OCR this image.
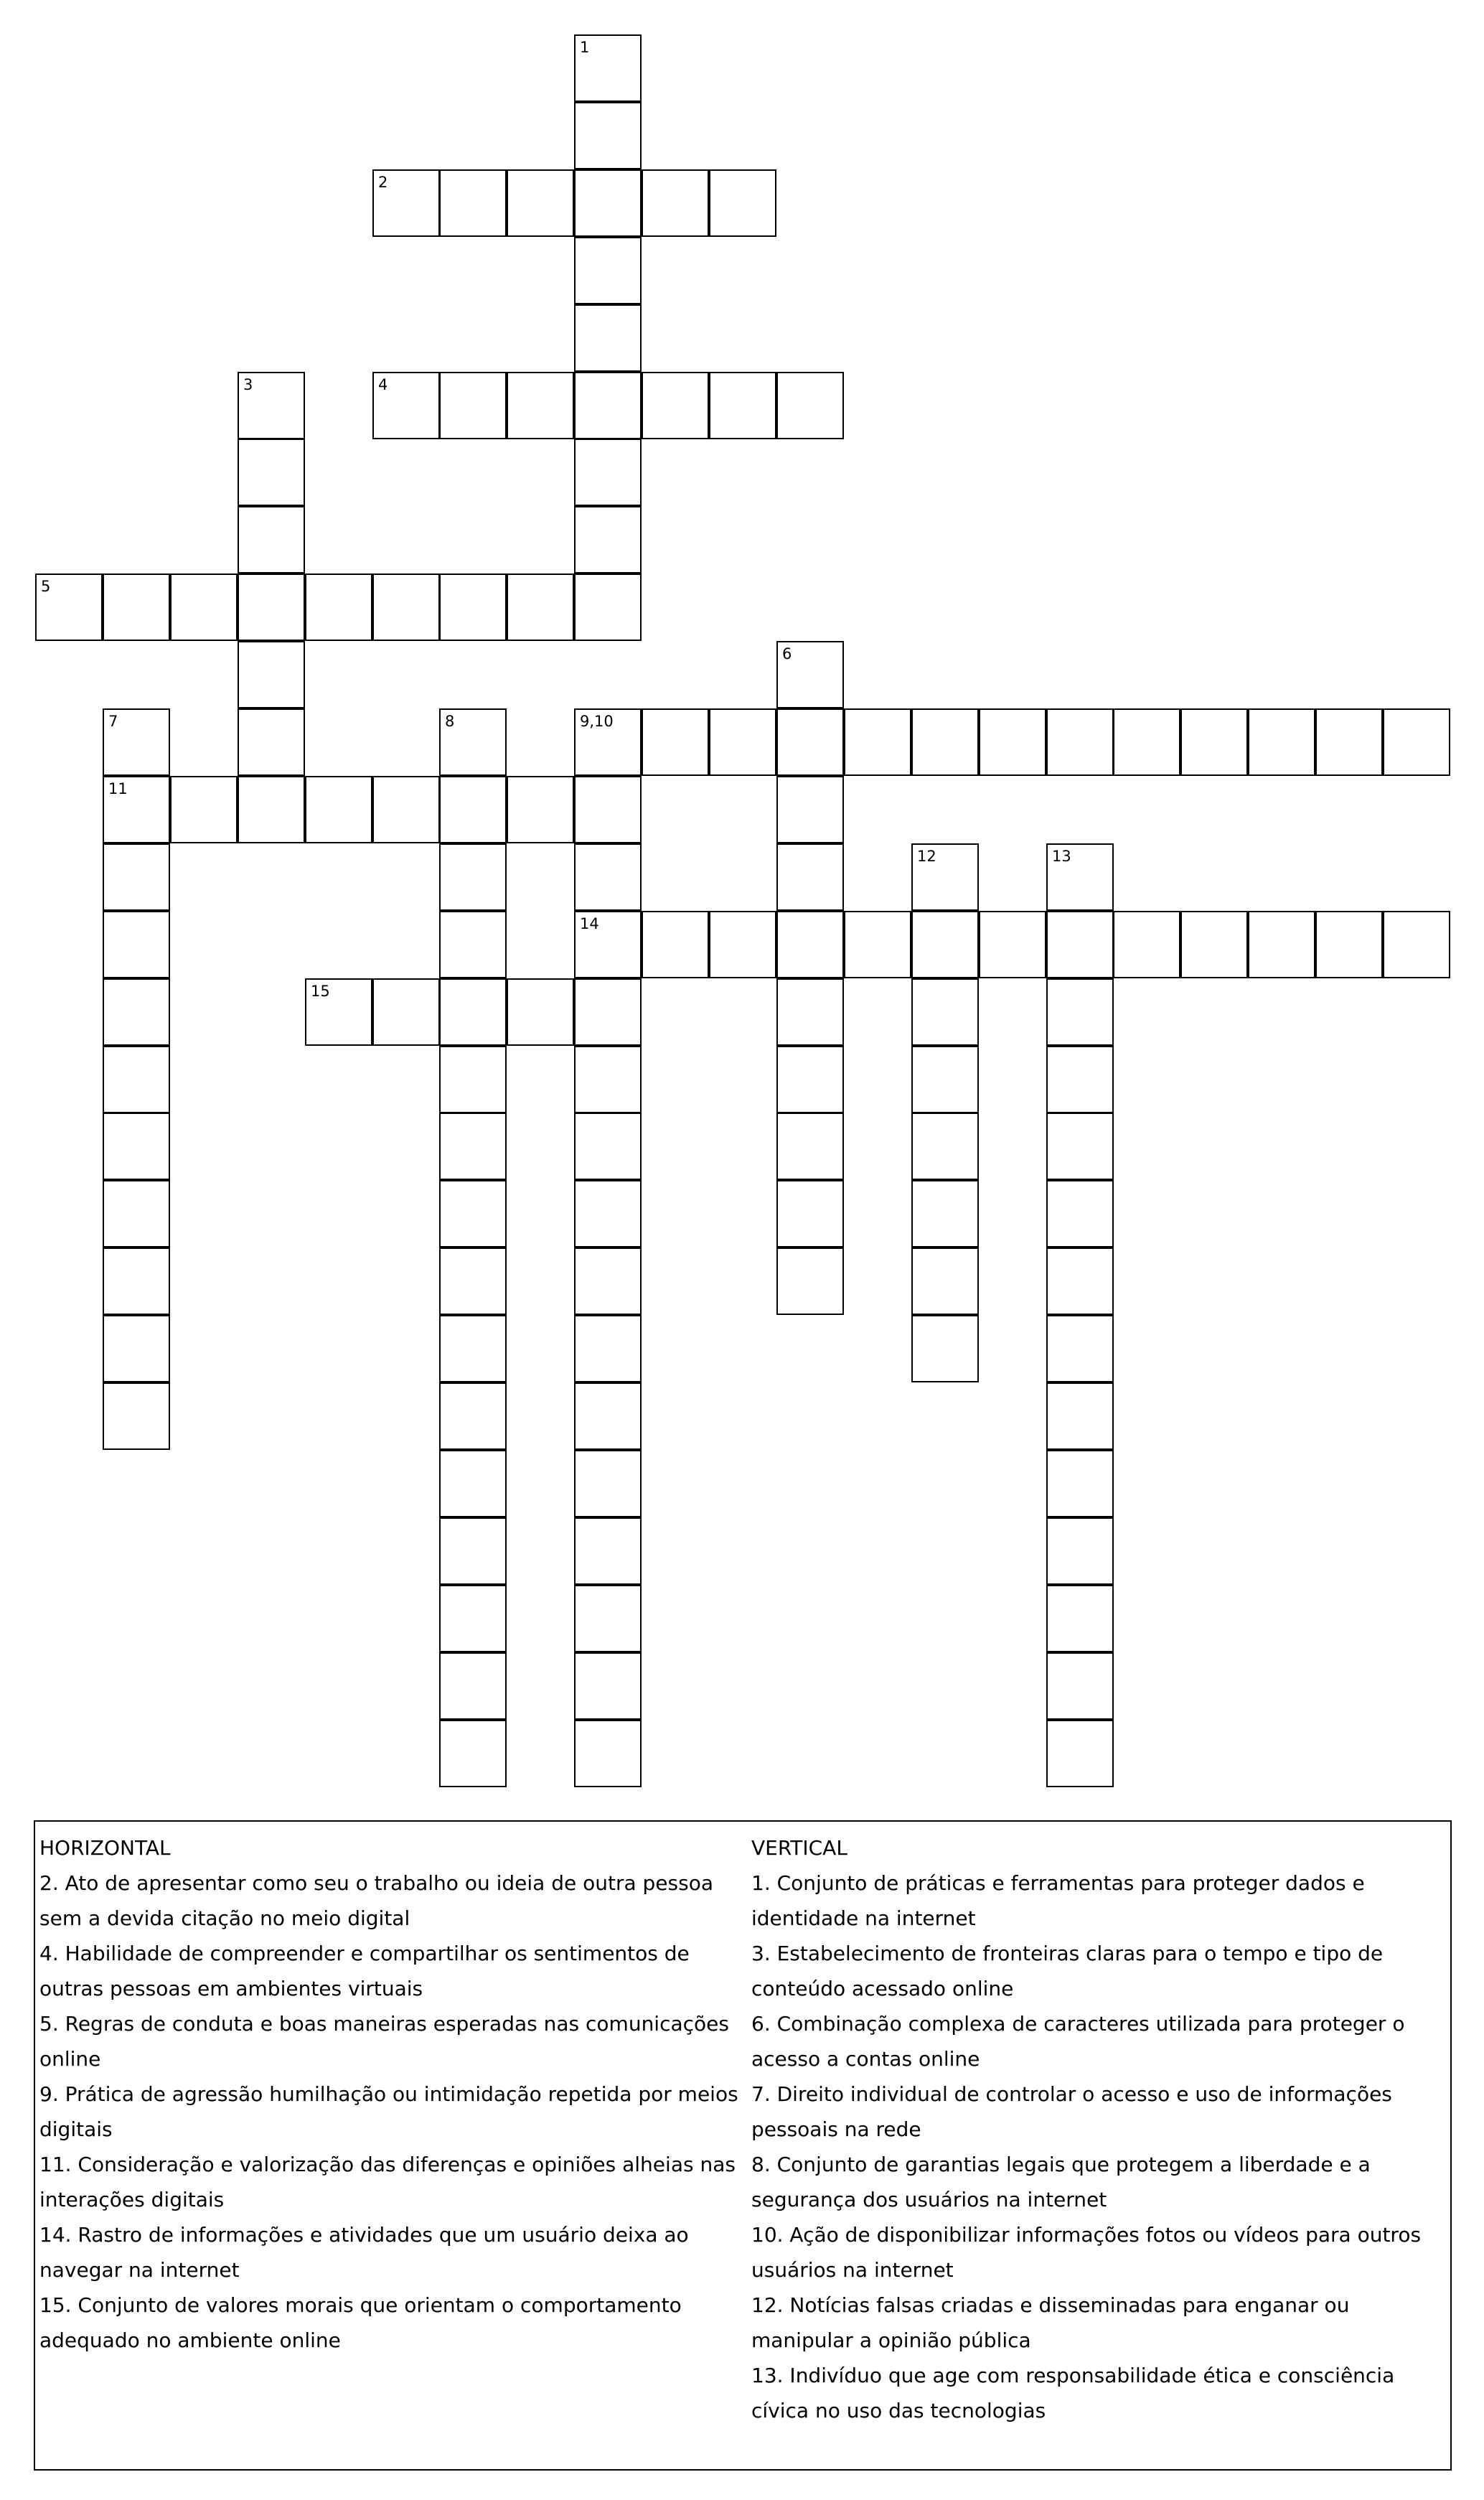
1
2
3	4
5
6
7
11
8	9,10
14
12	13
15

HORIZONTAL

2. Ato de apresentar como seu o trabalho ou ideia de outra pessoa sem a devida citação no meio digital

4. Habilidade de compreender e compartilhar os sentimentos de outras pessoas em ambientes virtuais

5. Regras de conduta e boas maneiras esperadas nas comunicações online

9. Prática de agressão humilhação ou intimidação repetida por meios digitais

11. Consideração e valorização das diferenças e opiniões alheias nas interações digitais

14. Rastro de informações e atividades que um usuário deixa ao navegar na internet

15. Conjunto de valores morais que orientam o comportamento adequado no ambiente online

VERTICAL

1. Conjunto de práticas e ferramentas para proteger dados e identidade na internet

3. Estabelecimento de fronteiras claras para o tempo e tipo de conteúdo acessado online

6. Combinação complexa de caracteres utilizada para proteger o acesso a contas online

7. Direito individual de controlar o acesso e uso de informações pessoais na rede

8. Conjunto de garantias legais que protegem a liberdade e a segurança dos usuários na internet

10. Ação de disponibilizar informações fotos ou vídeos para outros usuários na internet

12. Notícias falsas criadas e disseminadas para enganar ou manipular a opinião pública

13. Indivíduo que age com responsabilidade ética e consciência cívica no uso das tecnologias
